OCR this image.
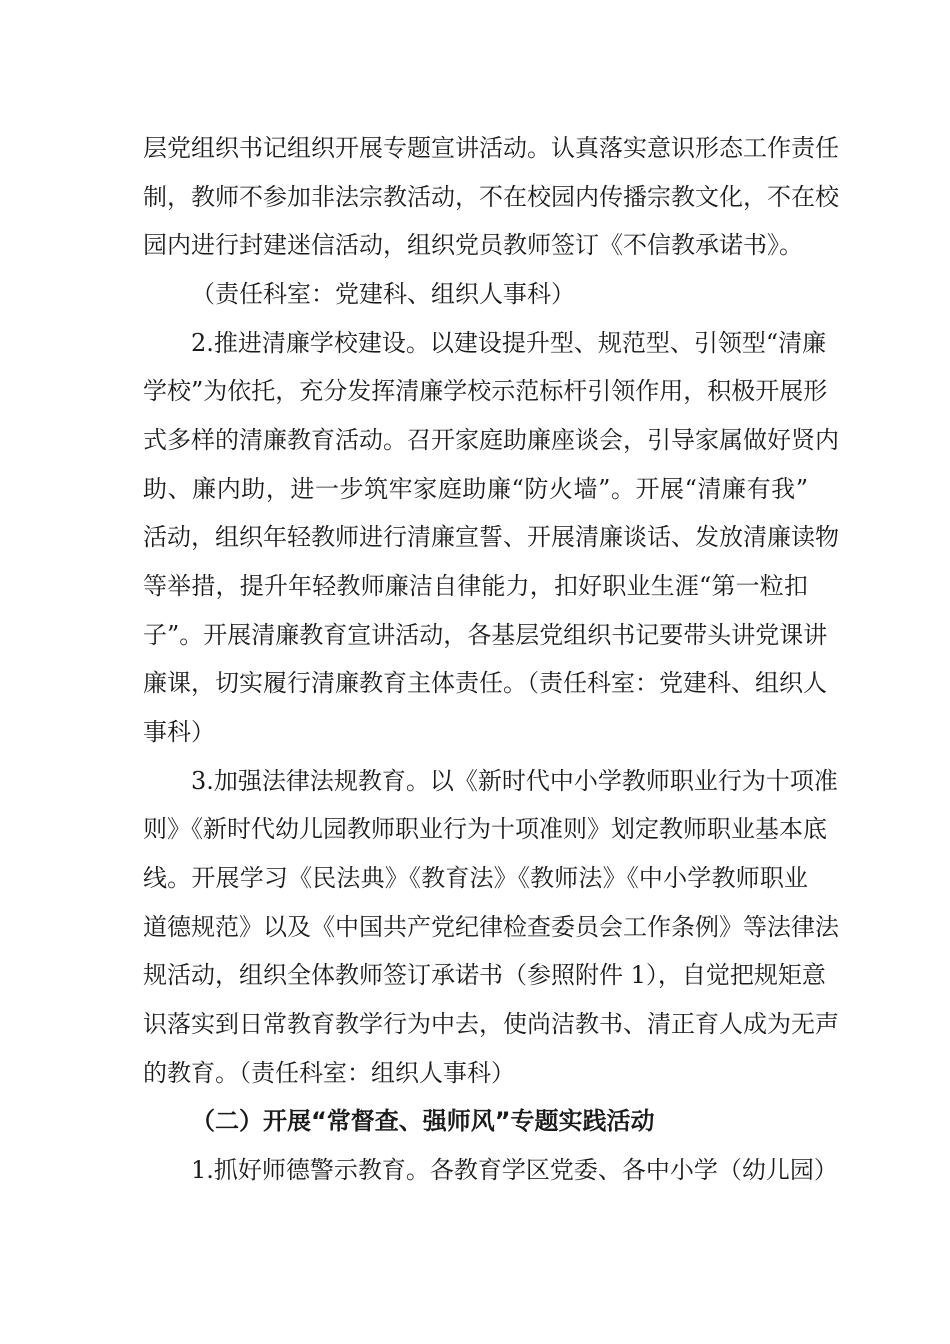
层党组织书记组织开展专题宣讲活动。认真落实意识形态工作责任
制，教师不参加非法宗教活动，不在校园内传播宗教文化，不在校
园内进行封建迷信活动，组织党员教师签订《不信教承诺书》。
（责任科室：党建科、组织人事科）
2.推进清廉学校建设。以建设提升型、规范型、引领型“清廉
学校”为依托，充分发挥清廉学校示范标杆引领作用，积极开展形
式多样的清廉教育活动。召开家庭助廉座谈会，引导家属做好贤内
助、廉内助，进一步筑牢家庭助廉“防火墙”。开展“清廉有我”
活动，组织年轻教师进行清廉宣誓、开展清廉谈话、发放清廉读物
等举措，提升年轻教师廉洁自律能力，扣好职业生涯“第一粒扣
子”。开展清廉教育宣讲活动，各基层党组织书记要带头讲党课讲
廉课，切实履行清廉教育主体责任。（责任科室：党建科、组织人
事科）
3.加强法律法规教育。以《新时代中小学教师职业行为十项准
则》《新时代幼儿园教师职业行为十项准则》划定教师职业基本底
线。开展学习《民法典》《教育法》《教师法》《中小学教师职业
道德规范》以及《中国共产党纪律检查委员会工作条例》等法律法
规活动，组织全体教师签订承诺书（参照附件 1），自觉把规矩意
识落实到日常教育教学行为中去，使尚洁教书、清正育人成为无声
的教育。（责任科室：组织人事科）
（二）开展“常督查、强师风”专题实践活动
1.抓好师德警示教育。各教育学区党委、各中小学（幼儿园）
